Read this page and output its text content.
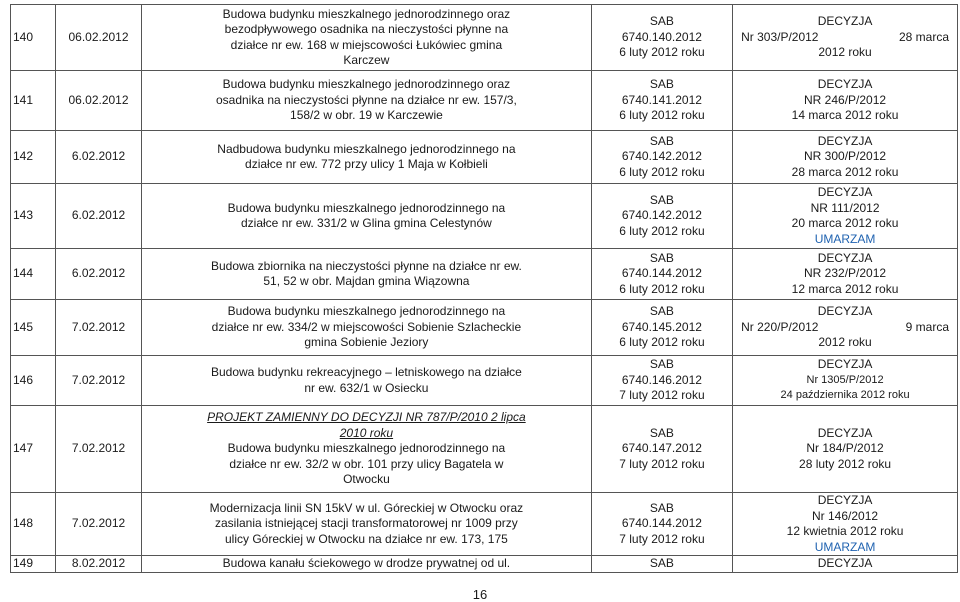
140	06.02.2012	Budowa budynku mieszkalnego jednorodzinnego oraz
bezodpływowego osadnika na nieczystości płynne na
działce nr ew. 168 w miejscowości Łukówiec gmina
Karczew	SAB
6740.140.2012
6 luty 2012 roku	DECYZJA
Nr 303/P/2012 28 marca
2012 roku

141	06.02.2012	Budowa budynku mieszkalnego jednorodzinnego oraz
osadnika na nieczystości płynne na działce nr ew. 157/3,
158/2 w obr. 19 w Karczewie	SAB
6740.141.2012
6 luty 2012 roku	DECYZJA
NR 246/P/2012
14 marca 2012 roku

142	6.02.2012	Nadbudowa budynku mieszkalnego jednorodzinnego na
działce nr ew. 772 przy ulicy 1 Maja w Kołbieli	SAB
6740.142.2012
6 luty 2012 roku	DECYZJA
NR 300/P/2012
28 marca 2012 roku

143	6.02.2012	Budowa budynku mieszkalnego jednorodzinnego na
działce nr ew. 331/2 w Glina gmina Celestynów	SAB
6740.142.2012
6 luty 2012 roku	DECYZJA
NR 111/2012
20 marca 2012 roku
UMARZAM

144	6.02.2012	Budowa zbiornika na nieczystości płynne na działce nr ew.
51, 52 w obr. Majdan gmina Wiązowna	SAB
6740.144.2012
6 luty 2012 roku	DECYZJA
NR 232/P/2012
12 marca 2012 roku

145	7.02.2012	Budowa budynku mieszkalnego jednorodzinnego na
działce nr ew. 334/2 w miejscowości Sobienie Szlacheckie
gmina Sobienie Jeziory	SAB
6740.145.2012
6 luty 2012 roku	DECYZJA
Nr 220/P/2012 9 marca
2012 roku

146	7.02.2012	Budowa budynku rekreacyjnego – letniskowego na działce
nr ew. 632/1 w Osiecku	SAB
6740.146.2012
7 luty 2012 roku	DECYZJA
Nr 1305/P/2012
24 października 2012 roku

147	7.02.2012	PROJEKT ZAMIENNY DO DECYZJI NR 787/P/2010 2 lipca
2010 roku
Budowa budynku mieszkalnego jednorodzinnego na
działce nr ew. 32/2 w obr. 101 przy ulicy Bagatela w
Otwocku	SAB
6740.147.2012
7 luty 2012 roku	DECYZJA
Nr 184/P/2012
28 luty 2012 roku

148	7.02.2012	Modernizacja linii SN 15kV w ul. Góreckiej w Otwocku oraz
zasilania istniejącej stacji transformatorowej nr 1009 przy
ulicy Góreckiej w Otwocku na działce nr ew. 173, 175	SAB
6740.144.2012
7 luty 2012 roku	DECYZJA
Nr 146/2012
12 kwietnia 2012 roku
UMARZAM

149	8.02.2012	Budowa kanału ściekowego w drodze prywatnej od ul.	SAB	DECYZJA
16
